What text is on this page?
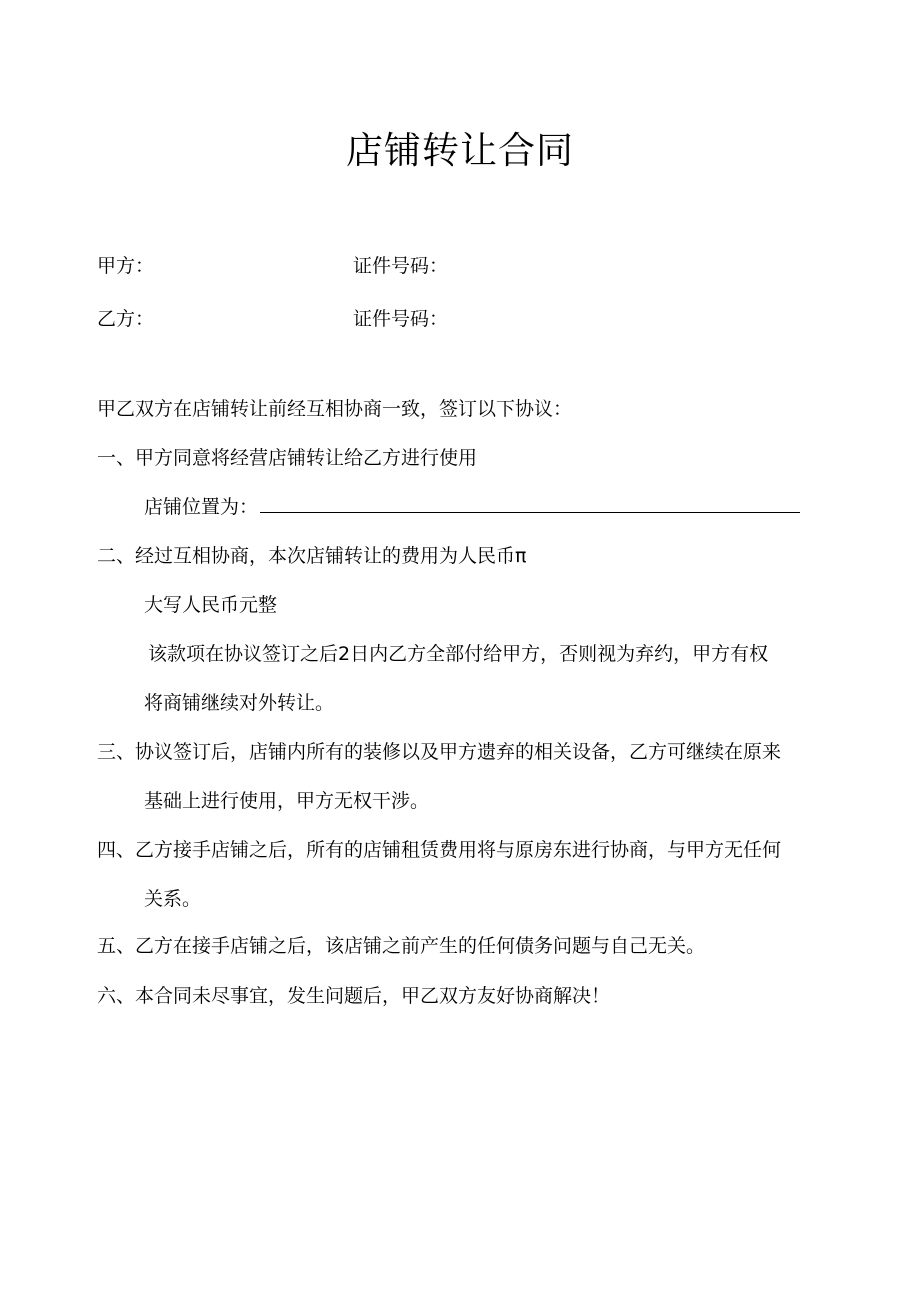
店铺转让合同
甲方：	证件号码：
乙方：	证件号码：
甲乙双方在店铺转让前经互相协商一致，签订以下协议：
一、甲方同意将经营店铺转让给乙方进行使用
店铺位置为：
二、经过互相协商，本次店铺转让的费用为人民币π
大写人民币元整
该款项在协议签订之后2日内乙方全部付给甲方，否则视为弃约，甲方有权
将商铺继续对外转让。
三、协议签订后，店铺内所有的装修以及甲方遗弃的相关设备，乙方可继续在原来
基础上进行使用，甲方无权干涉。
四、乙方接手店铺之后，所有的店铺租赁费用将与原房东进行协商，与甲方无任何
关系。
五、乙方在接手店铺之后，该店铺之前产生的任何债务问题与自己无关。
六、本合同未尽事宜，发生问题后，甲乙双方友好协商解决！
